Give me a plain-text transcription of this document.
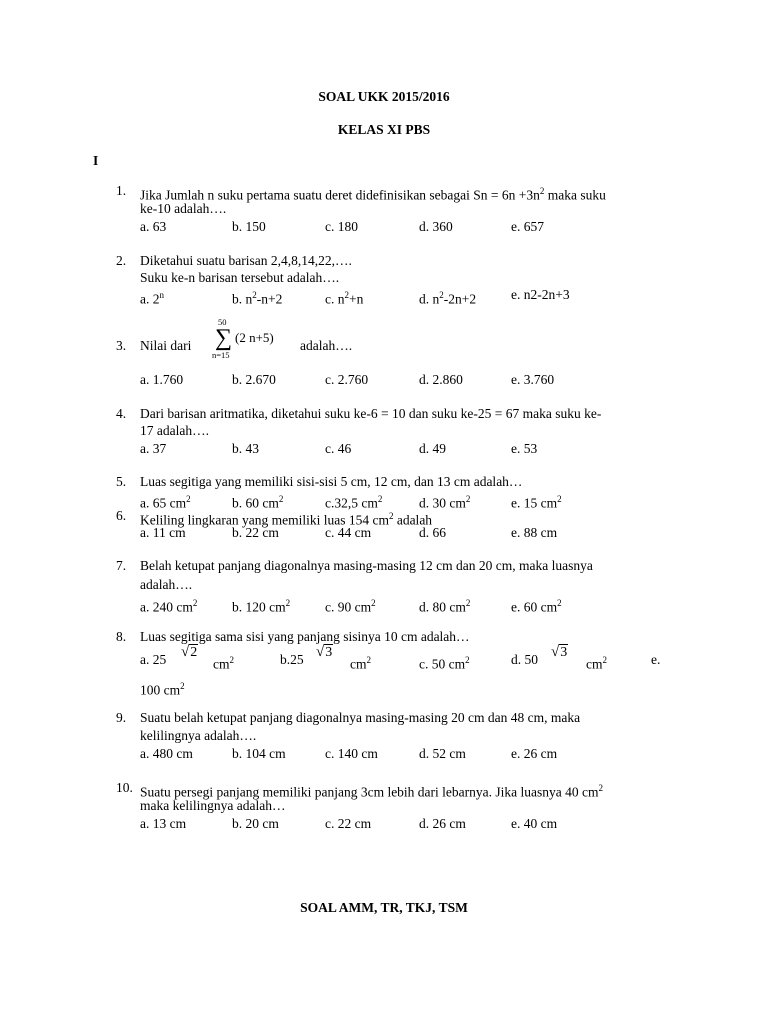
SOAL UKK 2015/2016
KELAS XI PBS
I
1. Jika Jumlah n suku pertama suatu deret didefinisikan sebagai $Sn = 6n +3n^2$ maka suku
ke-10 adalah….
a. 63	b. 150	c. 180	d. 360	e. 657
2. Diketahui suatu barisan 2,4,8,14,22,….
Suku ke-n barisan tersebut adalah….
a. 2$^n$	b. $n^2-n+2$	c. $n^2+n$	d. $n^2-2n+2$	e. n2-2n+3
3. Nilai dari
50
∑
n=15
(2 n+5)
adalah….
a. 1.760	b. 2.670	c. 2.760	d. 2.860	e. 3.760
4. Dari barisan aritmatika, diketahui suku ke-6 = 10 dan suku ke-25 = 67 maka suku ke-
17 adalah….
a. 37	b. 43	c. 46	d. 49	e. 53
5. Luas segitiga yang memiliki sisi-sisi 5 cm, 12 cm, dan 13 cm adalah…
a. 65 $cm^2$	b. 60 $cm^2$	c.32,5 $cm^2$	d. 30 $cm^2$	e. 15 $cm^2$
6. Keliling lingkaran yang memiliki luas 154 $cm^2$ adalah
a. 11 cm	b. 22 cm	c. 44 cm	d. 66	e. 88 cm
7. Belah ketupat panjang diagonalnya masing-masing 12 cm dan 20 cm, maka luasnya
adalah….
a. 240 $cm^2$	b. 120 $cm^2$	c. 90 $cm^2$	d. 80 $cm^2$	e. 60 $cm^2$
8. Luas segitiga sama sisi yang panjang sisinya 10 cm adalah…
a. 25 √2
$cm^2$	b.25 √3
$cm^2$	c. 50 $cm^2$	d. 50 √3
$cm^2$	e.
100 $cm^2$
9. Suatu belah ketupat panjang diagonalnya masing-masing 20 cm dan 48 cm, maka
kelilingnya adalah….
a. 480 cm	b. 104 cm	c. 140 cm	d. 52 cm	e. 26 cm
10. Suatu persegi panjang memiliki panjang 3cm lebih dari lebarnya. Jika luasnya 40 $cm^2$
maka kelilingnya adalah…
a. 13 cm	b. 20 cm	c. 22 cm	d. 26 cm	e. 40 cm
SOAL AMM, TR, TKJ, TSM
